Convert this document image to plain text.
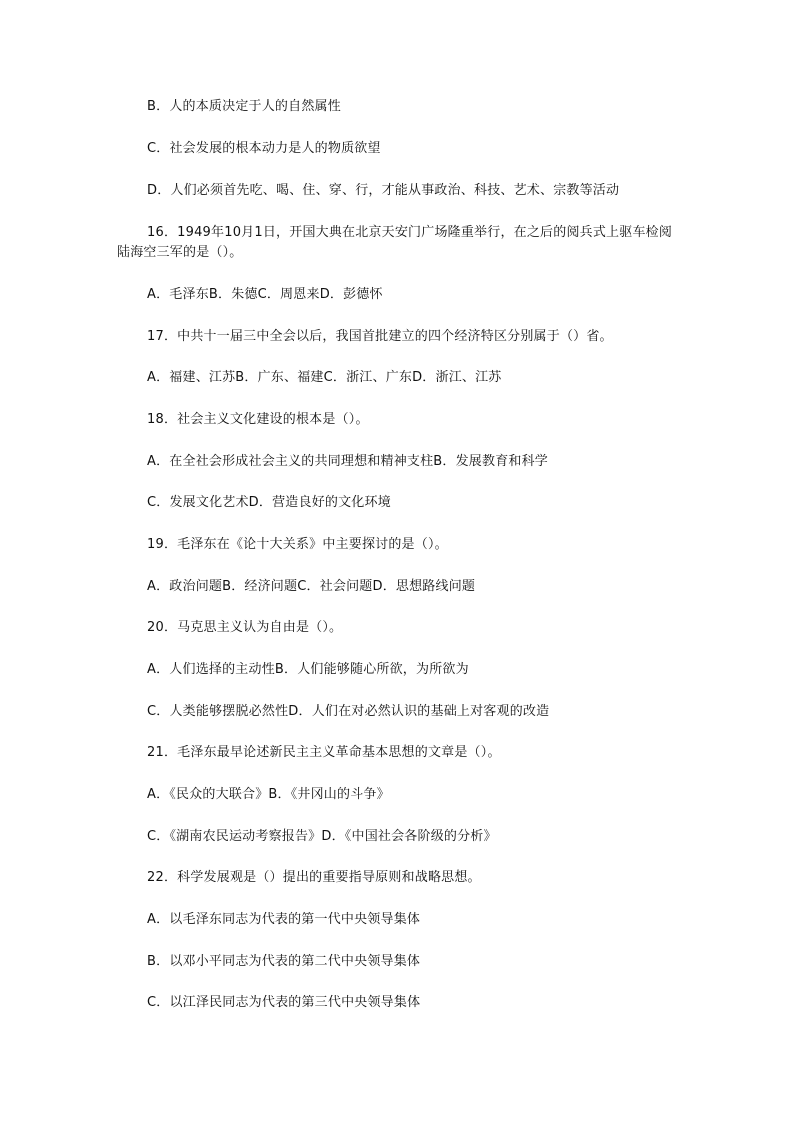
B．人的本质决定于人的自然属性
C．社会发展的根本动力是人的物质欲望
D．人们必须首先吃、喝、住、穿、行，才能从事政治、科技、艺术、宗教等活动
16．1949年10月1日，开国大典在北京天安门广场隆重举行，在之后的阅兵式上驱车检阅陆海空三军的是（）。
A．毛泽东B．朱德C．周恩来D．彭德怀
17．中共十一届三中全会以后，我国首批建立的四个经济特区分别属于（）省。
A．福建、江苏B．广东、福建C．浙江、广东D．浙江、江苏
18．社会主义文化建设的根本是（）。
A．在全社会形成社会主义的共同理想和精神支柱B．发展教育和科学
C．发展文化艺术D．营造良好的文化环境
19．毛泽东在《论十大关系》中主要探讨的是（）。
A．政治问题B．经济问题C．社会问题D．思想路线问题
20．马克思主义认为自由是（）。
A．人们选择的主动性B．人们能够随心所欲，为所欲为
C．人类能够摆脱必然性D．人们在对必然认识的基础上对客观的改造
21．毛泽东最早论述新民主主义革命基本思想的文章是（）。
A．《民众的大联合》B．《井冈山的斗争》
C．《湖南农民运动考察报告》D．《中国社会各阶级的分析》
22．科学发展观是（）提出的重要指导原则和战略思想。
A．以毛泽东同志为代表的第一代中央领导集体
B．以邓小平同志为代表的第二代中央领导集体
C．以江泽民同志为代表的第三代中央领导集体
